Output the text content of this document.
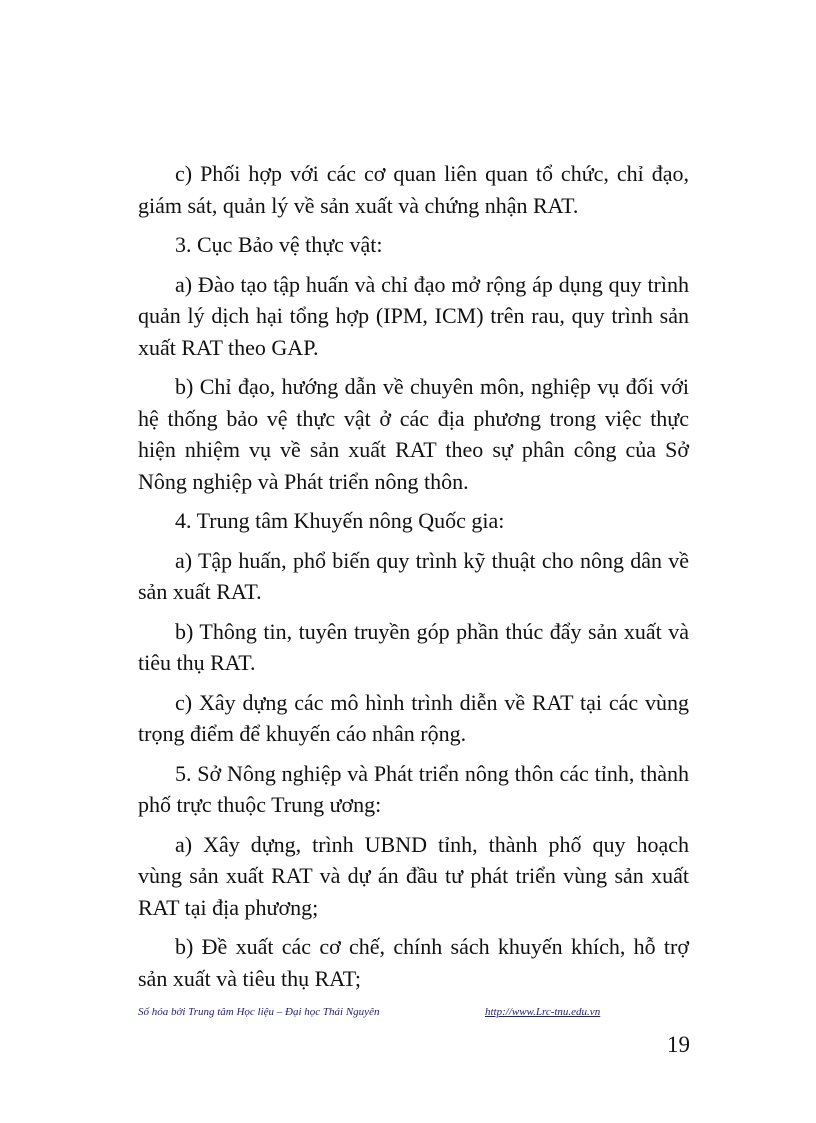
c) Phối hợp với các cơ quan liên quan tổ chức, chỉ đạo, giám sát, quản lý về sản xuất và chứng nhận RAT.

3. Cục Bảo vệ thực vật:

a) Đào tạo tập huấn và chỉ đạo mở rộng áp dụng quy trình quản lý dịch hại tổng hợp (IPM, ICM) trên rau, quy trình sản xuất RAT theo GAP.

b) Chỉ đạo, hướng dẫn về chuyên môn, nghiệp vụ đối với hệ thống bảo vệ thực vật ở các địa phương trong việc thực hiện nhiệm vụ về sản xuất RAT theo sự phân công của Sở Nông nghiệp và Phát triển nông thôn.

4. Trung tâm Khuyến nông Quốc gia:

a) Tập huấn, phổ biến quy trình kỹ thuật cho nông dân về sản xuất RAT.

b) Thông tin, tuyên truyền góp phần thúc đẩy sản xuất và tiêu thụ RAT.

c) Xây dựng các mô hình trình diễn về RAT tại các vùng trọng điểm để khuyến cáo nhân rộng.

5. Sở Nông nghiệp và Phát triển nông thôn các tỉnh, thành phố trực thuộc Trung ương:

a) Xây dựng, trình UBND tỉnh, thành phố quy hoạch vùng sản xuất RAT và dự án đầu tư phát triển vùng sản xuất RAT tại địa phương;

b) Đề xuất các cơ chế, chính sách khuyến khích, hỗ trợ sản xuất và tiêu thụ RAT;

Số hóa bởi Trung tâm Học liệu – Đại học Thái Nguyên	http://www.Lrc-tnu.edu.vn
19
